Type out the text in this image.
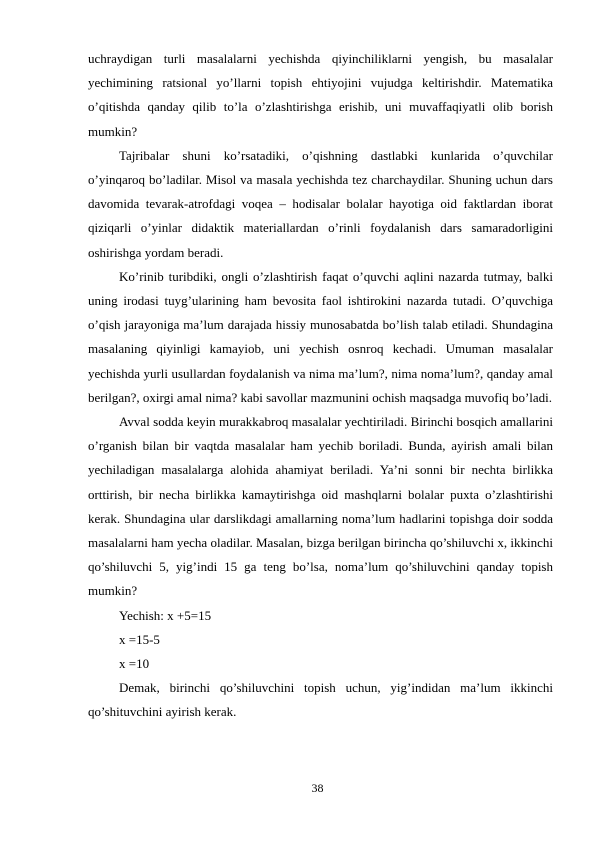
uchraydigan turli masalalarni yechishda qiyinchiliklarni yengish, bu masalalar yechimining ratsional yo’llarni topish ehtiyojini vujudga keltirishdir. Matematika o’qitishda qanday qilib to’la o’zlashtirishga erishib, uni muvaffaqiyatli olib borish mumkin?

Tajribalar shuni ko’rsatadiki, o’qishning dastlabki kunlarida o’quvchilar o’yinqaroq bo’ladilar. Misol va masala yechishda tez charchaydilar. Shuning uchun dars davomida tevarak-atrofdagi voqea – hodisalar bolalar hayotiga oid faktlardan iborat qiziqarli o’yinlar didaktik materiallardan o’rinli foydalanish dars samaradorligini oshirishga yordam beradi.

Ko’rinib turibdiki, ongli o’zlashtirish faqat o’quvchi aqlini nazarda tutmay, balki uning irodasi tuyg’ularining ham bevosita faol ishtirokini nazarda tutadi. O’quvchiga o’qish jarayoniga ma’lum darajada hissiy munosabatda bo’lish talab etiladi. Shundagina masalaning qiyinligi kamayiob, uni yechish osnroq kechadi. Umuman masalalar yechishda yurli usullardan foydalanish va nima ma’lum?, nima noma’lum?, qanday amal berilgan?, oxirgi amal nima? kabi savollar mazmunini ochish maqsadga muvofiq bo’ladi.

Avval sodda keyin murakkabroq masalalar yechtiriladi. Birinchi bosqich amallarini o’rganish bilan bir vaqtda masalalar ham yechib boriladi. Bunda, ayirish amali bilan yechiladigan masalalarga alohida ahamiyat beriladi. Ya’ni sonni bir nechta birlikka orttirish, bir necha birlikka kamaytirishga oid mashqlarni bolalar puxta o’zlashtirishi kerak. Shundagina ular darslikdagi amallarning noma’lum hadlarini topishga doir sodda masalalarni ham yecha oladilar. Masalan, bizga berilgan birincha qo’shiluvchi x, ikkinchi qo’shiluvchi 5, yig’indi 15 ga teng bo’lsa, noma’lum qo’shiluvchini qanday topish mumkin?

Yechish: x +5=15

x =15-5

x =10

Demak, birinchi qo’shiluvchini topish uchun, yig’indidan ma’lum ikkinchi qo’shituvchini ayirish kerak.

38
